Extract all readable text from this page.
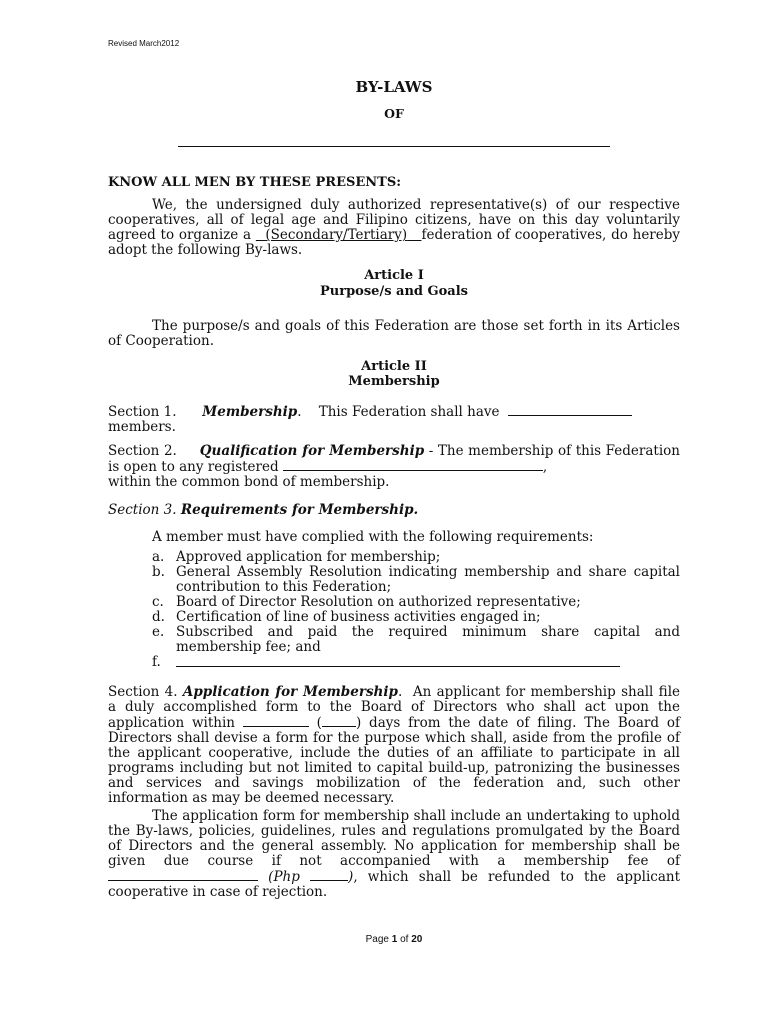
Revised March2012
BY-LAWS
OF
KNOW ALL MEN BY THESE PRESENTS:
We, the undersigned duly authorized representative(s) of our respective cooperatives, all of legal age and Filipino citizens, have on this day voluntarily agreed to organize a (Secondary/Tertiary) federation of cooperatives, do hereby adopt the following By-laws.
Article I
Purpose/s and Goals
The purpose/s and goals of this Federation are those set forth in its Articles of Cooperation.
Article II
Membership
Section 1. Membership.    This Federation shall have
members.
Section 2. Qualification for Membership - The membership of this Federation is open to any registered	,
within the common bond of membership.
Section 3. Requirements for Membership.
A member must have complied with the following requirements:
a. Approved application for membership;
b. General Assembly Resolution indicating membership and share capital contribution to this Federation;
c. Board of Director Resolution on authorized representative;
d. Certification of line of business activities engaged in;
e. Subscribed and paid the required minimum share capital and membership fee; and
f.
Section 4. Application for Membership.  An applicant for membership shall file a duly accomplished form to the Board of Directors who shall act upon the application within	(	) days from the date of filing. The Board of Directors shall devise a form for the purpose which shall, aside from the profile of the applicant cooperative, include the duties of an affiliate to participate in all programs including but not limited to capital build-up, patronizing the businesses and services and savings mobilization of the federation and, such other information as may be deemed necessary.
The application form for membership shall include an undertaking to uphold the By-laws, policies, guidelines, rules and regulations promulgated by the Board of Directors and the general assembly. No application for membership shall be given due course if not accompanied with a membership fee of  (Php	), which shall be refunded to the applicant cooperative in case of rejection.
Page 1 of 20
